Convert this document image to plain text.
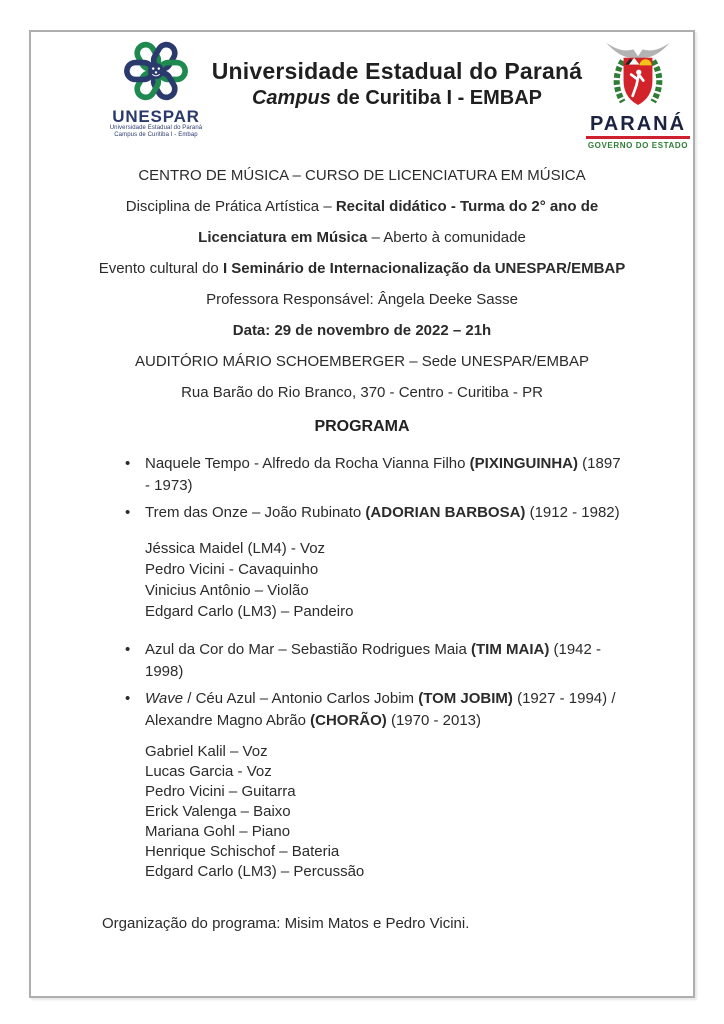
UNESPAR
Universidade Estadual do Paraná
Campus de Curitiba I - Embap
Universidade Estadual do Paraná
Campus de Curitiba I - EMBAP
PARANÁ
GOVERNO DO ESTADO
CENTRO DE MÚSICA – CURSO DE LICENCIATURA EM MÚSICA
Disciplina de Prática Artística – Recital didático - Turma do 2° ano de
Licenciatura em Música – Aberto à comunidade
Evento cultural do I Seminário de Internacionalização da UNESPAR/EMBAP
Professora Responsável: Ângela Deeke Sasse
Data: 29 de novembro de 2022 – 21h
AUDITÓRIO MÁRIO SCHOEMBERGER – Sede UNESPAR/EMBAP
Rua Barão do Rio Branco, 370 - Centro - Curitiba - PR
PROGRAMA
• Naquele Tempo - Alfredo da Rocha Vianna Filho (PIXINGUINHA) (1897 - 1973)
• Trem das Onze – João Rubinato (ADORIAN BARBOSA) (1912 - 1982)
Jéssica Maidel (LM4) - Voz
Pedro Vicini - Cavaquinho
Vinicius Antônio – Violão
Edgard Carlo (LM3) – Pandeiro
• Azul da Cor do Mar – Sebastião Rodrigues Maia (TIM MAIA) (1942 - 1998)
• Wave / Céu Azul – Antonio Carlos Jobim (TOM JOBIM) (1927 - 1994) / Alexandre Magno Abrão (CHORÃO) (1970 - 2013)
Gabriel Kalil – Voz
Lucas Garcia - Voz
Pedro Vicini – Guitarra
Erick Valenga – Baixo
Mariana Gohl – Piano
Henrique Schischof – Bateria
Edgard Carlo (LM3) – Percussão
Organização do programa: Misim Matos e Pedro Vicini.
